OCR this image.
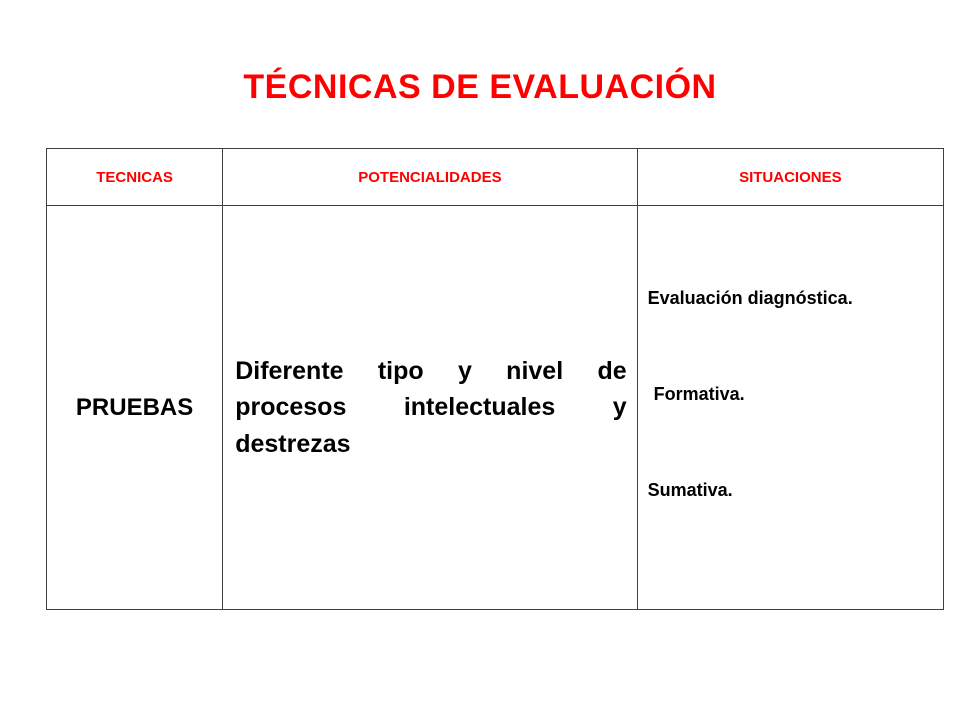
TÉCNICAS DE EVALUACIÓN
TECNICAS	POTENCIALIDADES	SITUACIONES
PRUEBAS	Diferente tipo y nivel de procesos intelectuales y destrezas	Evaluación diagnóstica.
Formativa.
Sumativa.
